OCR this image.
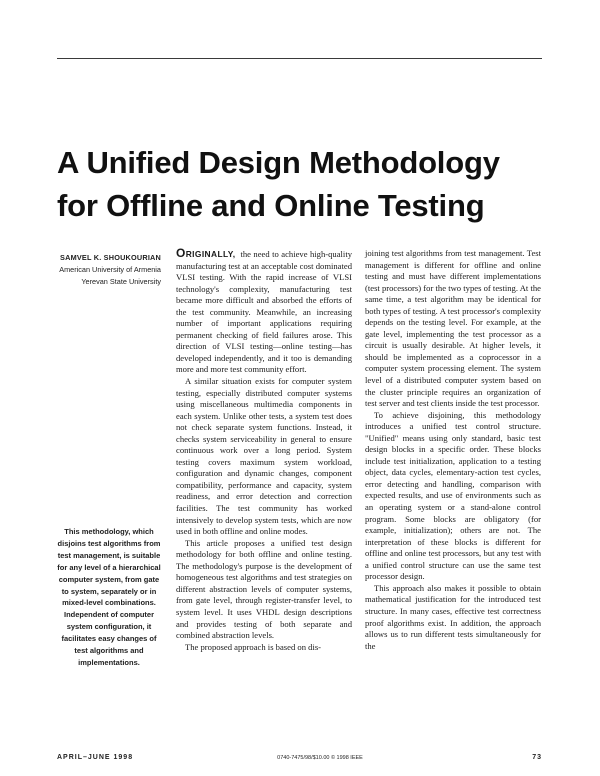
A Unified Design Methodology
for Offline and Online Testing
SAMVEL K. SHOUKOURIAN
American University of Armenia
Yerevan State University

This methodology, which disjoins test algorithms from test management, is suitable for any level of a hierarchical computer system, from gate to system, separately or in mixed-level combinations. Independent of computer system configuration, it facilitates easy changes of test algorithms and implementations.

ORIGINALLY, the need to achieve high-quality manufacturing test at an acceptable cost dominated VLSI testing. With the rapid increase of VLSI technology's complexity, manufacturing test became more difficult and absorbed the efforts of the test community. Meanwhile, an increasing number of important applications requiring permanent checking of field failures arose. This direction of VLSI testing—online testing—has developed independently, and it too is demanding more and more test community effort.

A similar situation exists for computer system testing, especially distributed computer systems using miscellaneous multimedia components in each system. Unlike other tests, a system test does not check separate system functions. Instead, it checks system serviceability in general to ensure continuous work over a long period. System testing covers maximum system workload, configuration and dynamic changes, component compatibility, performance and capacity, system readiness, and error detection and correction facilities. The test community has worked intensively to develop system tests, which are now used in both offline and online modes.

This article proposes a unified test design methodology for both offline and online testing. The methodology's purpose is the development of homogeneous test algorithms and test strategies on different abstraction levels of computer systems, from gate level, through register-transfer level, to system level. It uses VHDL design descriptions and provides testing of both separate and combined abstraction levels.

The proposed approach is based on dis-

joining test algorithms from test management. Test management is different for offline and online testing and must have different implementations (test processors) for the two types of testing. At the same time, a test algorithm may be identical for both types of testing. A test processor's complexity depends on the testing level. For example, at the gate level, implementing the test processor as a circuit is usually desirable. At higher levels, it should be implemented as a coprocessor in a computer system processing element. The system level of a distributed computer system based on the cluster principle requires an organization of test server and test clients inside the test processor.

To achieve disjoining, this methodology introduces a unified test control structure. "Unified" means using only standard, basic test design blocks in a specific order. These blocks include test initialization, application to a testing object, data cycles, elementary-action test cycles, error detecting and handling, comparison with expected results, and use of environments such as an operating system or a stand-alone control program. Some blocks are obligatory (for example, initialization); others are not. The interpretation of these blocks is different for offline and online test processors, but any test with a unified control structure can use the same test processor design.

This approach also makes it possible to obtain mathematical justification for the introduced test structure. In many cases, effective test correctness proof algorithms exist. In addition, the approach allows us to run different tests simultaneously for the

APRIL–JUNE 1998	0740-7475/98/$10.00 © 1998 IEEE	73
